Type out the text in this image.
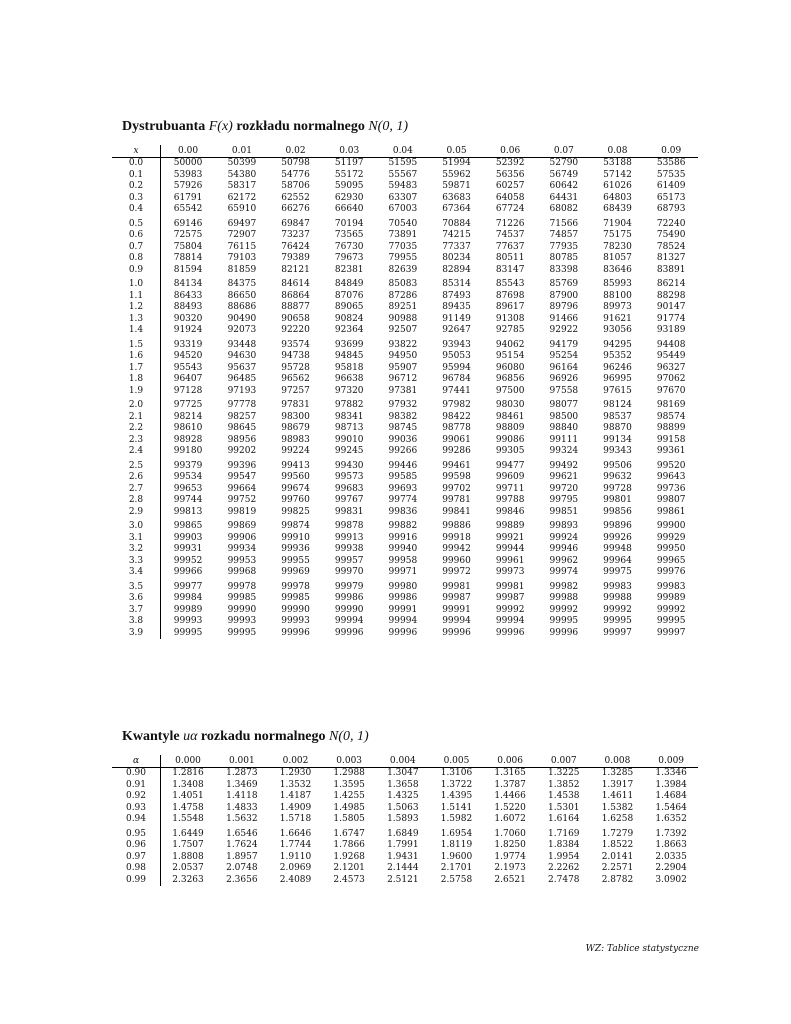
Dystrubuanta F(x) rozkładu normalnego N(0, 1)
x	0.00	0.01	0.02	0.03	0.04	0.05	0.06	0.07	0.08	0.09
0.0	50000	50399	50798	51197	51595	51994	52392	52790	53188	53586
0.1	53983	54380	54776	55172	55567	55962	56356	56749	57142	57535
0.2	57926	58317	58706	59095	59483	59871	60257	60642	61026	61409
0.3	61791	62172	62552	62930	63307	63683	64058	64431	64803	65173
0.4	65542	65910	66276	66640	67003	67364	67724	68082	68439	68793
0.5	69146	69497	69847	70194	70540	70884	71226	71566	71904	72240
0.6	72575	72907	73237	73565	73891	74215	74537	74857	75175	75490
0.7	75804	76115	76424	76730	77035	77337	77637	77935	78230	78524
0.8	78814	79103	79389	79673	79955	80234	80511	80785	81057	81327
0.9	81594	81859	82121	82381	82639	82894	83147	83398	83646	83891
1.0	84134	84375	84614	84849	85083	85314	85543	85769	85993	86214
1.1	86433	86650	86864	87076	87286	87493	87698	87900	88100	88298
1.2	88493	88686	88877	89065	89251	89435	89617	89796	89973	90147
1.3	90320	90490	90658	90824	90988	91149	91308	91466	91621	91774
1.4	91924	92073	92220	92364	92507	92647	92785	92922	93056	93189
1.5	93319	93448	93574	93699	93822	93943	94062	94179	94295	94408
1.6	94520	94630	94738	94845	94950	95053	95154	95254	95352	95449
1.7	95543	95637	95728	95818	95907	95994	96080	96164	96246	96327
1.8	96407	96485	96562	96638	96712	96784	96856	96926	96995	97062
1.9	97128	97193	97257	97320	97381	97441	97500	97558	97615	97670
2.0	97725	97778	97831	97882	97932	97982	98030	98077	98124	98169
2.1	98214	98257	98300	98341	98382	98422	98461	98500	98537	98574
2.2	98610	98645	98679	98713	98745	98778	98809	98840	98870	98899
2.3	98928	98956	98983	99010	99036	99061	99086	99111	99134	99158
2.4	99180	99202	99224	99245	99266	99286	99305	99324	99343	99361
2.5	99379	99396	99413	99430	99446	99461	99477	99492	99506	99520
2.6	99534	99547	99560	99573	99585	99598	99609	99621	99632	99643
2.7	99653	99664	99674	99683	99693	99702	99711	99720	99728	99736
2.8	99744	99752	99760	99767	99774	99781	99788	99795	99801	99807
2.9	99813	99819	99825	99831	99836	99841	99846	99851	99856	99861
3.0	99865	99869	99874	99878	99882	99886	99889	99893	99896	99900
3.1	99903	99906	99910	99913	99916	99918	99921	99924	99926	99929
3.2	99931	99934	99936	99938	99940	99942	99944	99946	99948	99950
3.3	99952	99953	99955	99957	99958	99960	99961	99962	99964	99965
3.4	99966	99968	99969	99970	99971	99972	99973	99974	99975	99976
3.5	99977	99978	99978	99979	99980	99981	99981	99982	99983	99983
3.6	99984	99985	99985	99986	99986	99987	99987	99988	99988	99989
3.7	99989	99990	99990	99990	99991	99991	99992	99992	99992	99992
3.8	99993	99993	99993	99994	99994	99994	99994	99995	99995	99995
3.9	99995	99995	99996	99996	99996	99996	99996	99996	99997	99997
Kwantyle uα rozkadu normalnego N(0, 1)
α	0.000	0.001	0.002	0.003	0.004	0.005	0.006	0.007	0.008	0.009
0.90	1.2816	1.2873	1.2930	1.2988	1.3047	1.3106	1.3165	1.3225	1.3285	1.3346
0.91	1.3408	1.3469	1.3532	1.3595	1.3658	1.3722	1.3787	1.3852	1.3917	1.3984
0.92	1.4051	1.4118	1.4187	1.4255	1.4325	1.4395	1.4466	1.4538	1.4611	1.4684
0.93	1.4758	1.4833	1.4909	1.4985	1.5063	1.5141	1.5220	1.5301	1.5382	1.5464
0.94	1.5548	1.5632	1.5718	1.5805	1.5893	1.5982	1.6072	1.6164	1.6258	1.6352
0.95	1.6449	1.6546	1.6646	1.6747	1.6849	1.6954	1.7060	1.7169	1.7279	1.7392
0.96	1.7507	1.7624	1.7744	1.7866	1.7991	1.8119	1.8250	1.8384	1.8522	1.8663
0.97	1.8808	1.8957	1.9110	1.9268	1.9431	1.9600	1.9774	1.9954	2.0141	2.0335
0.98	2.0537	2.0748	2.0969	2.1201	2.1444	2.1701	2.1973	2.2262	2.2571	2.2904
0.99	2.3263	2.3656	2.4089	2.4573	2.5121	2.5758	2.6521	2.7478	2.8782	3.0902
WZ: Tablice statystyczne
